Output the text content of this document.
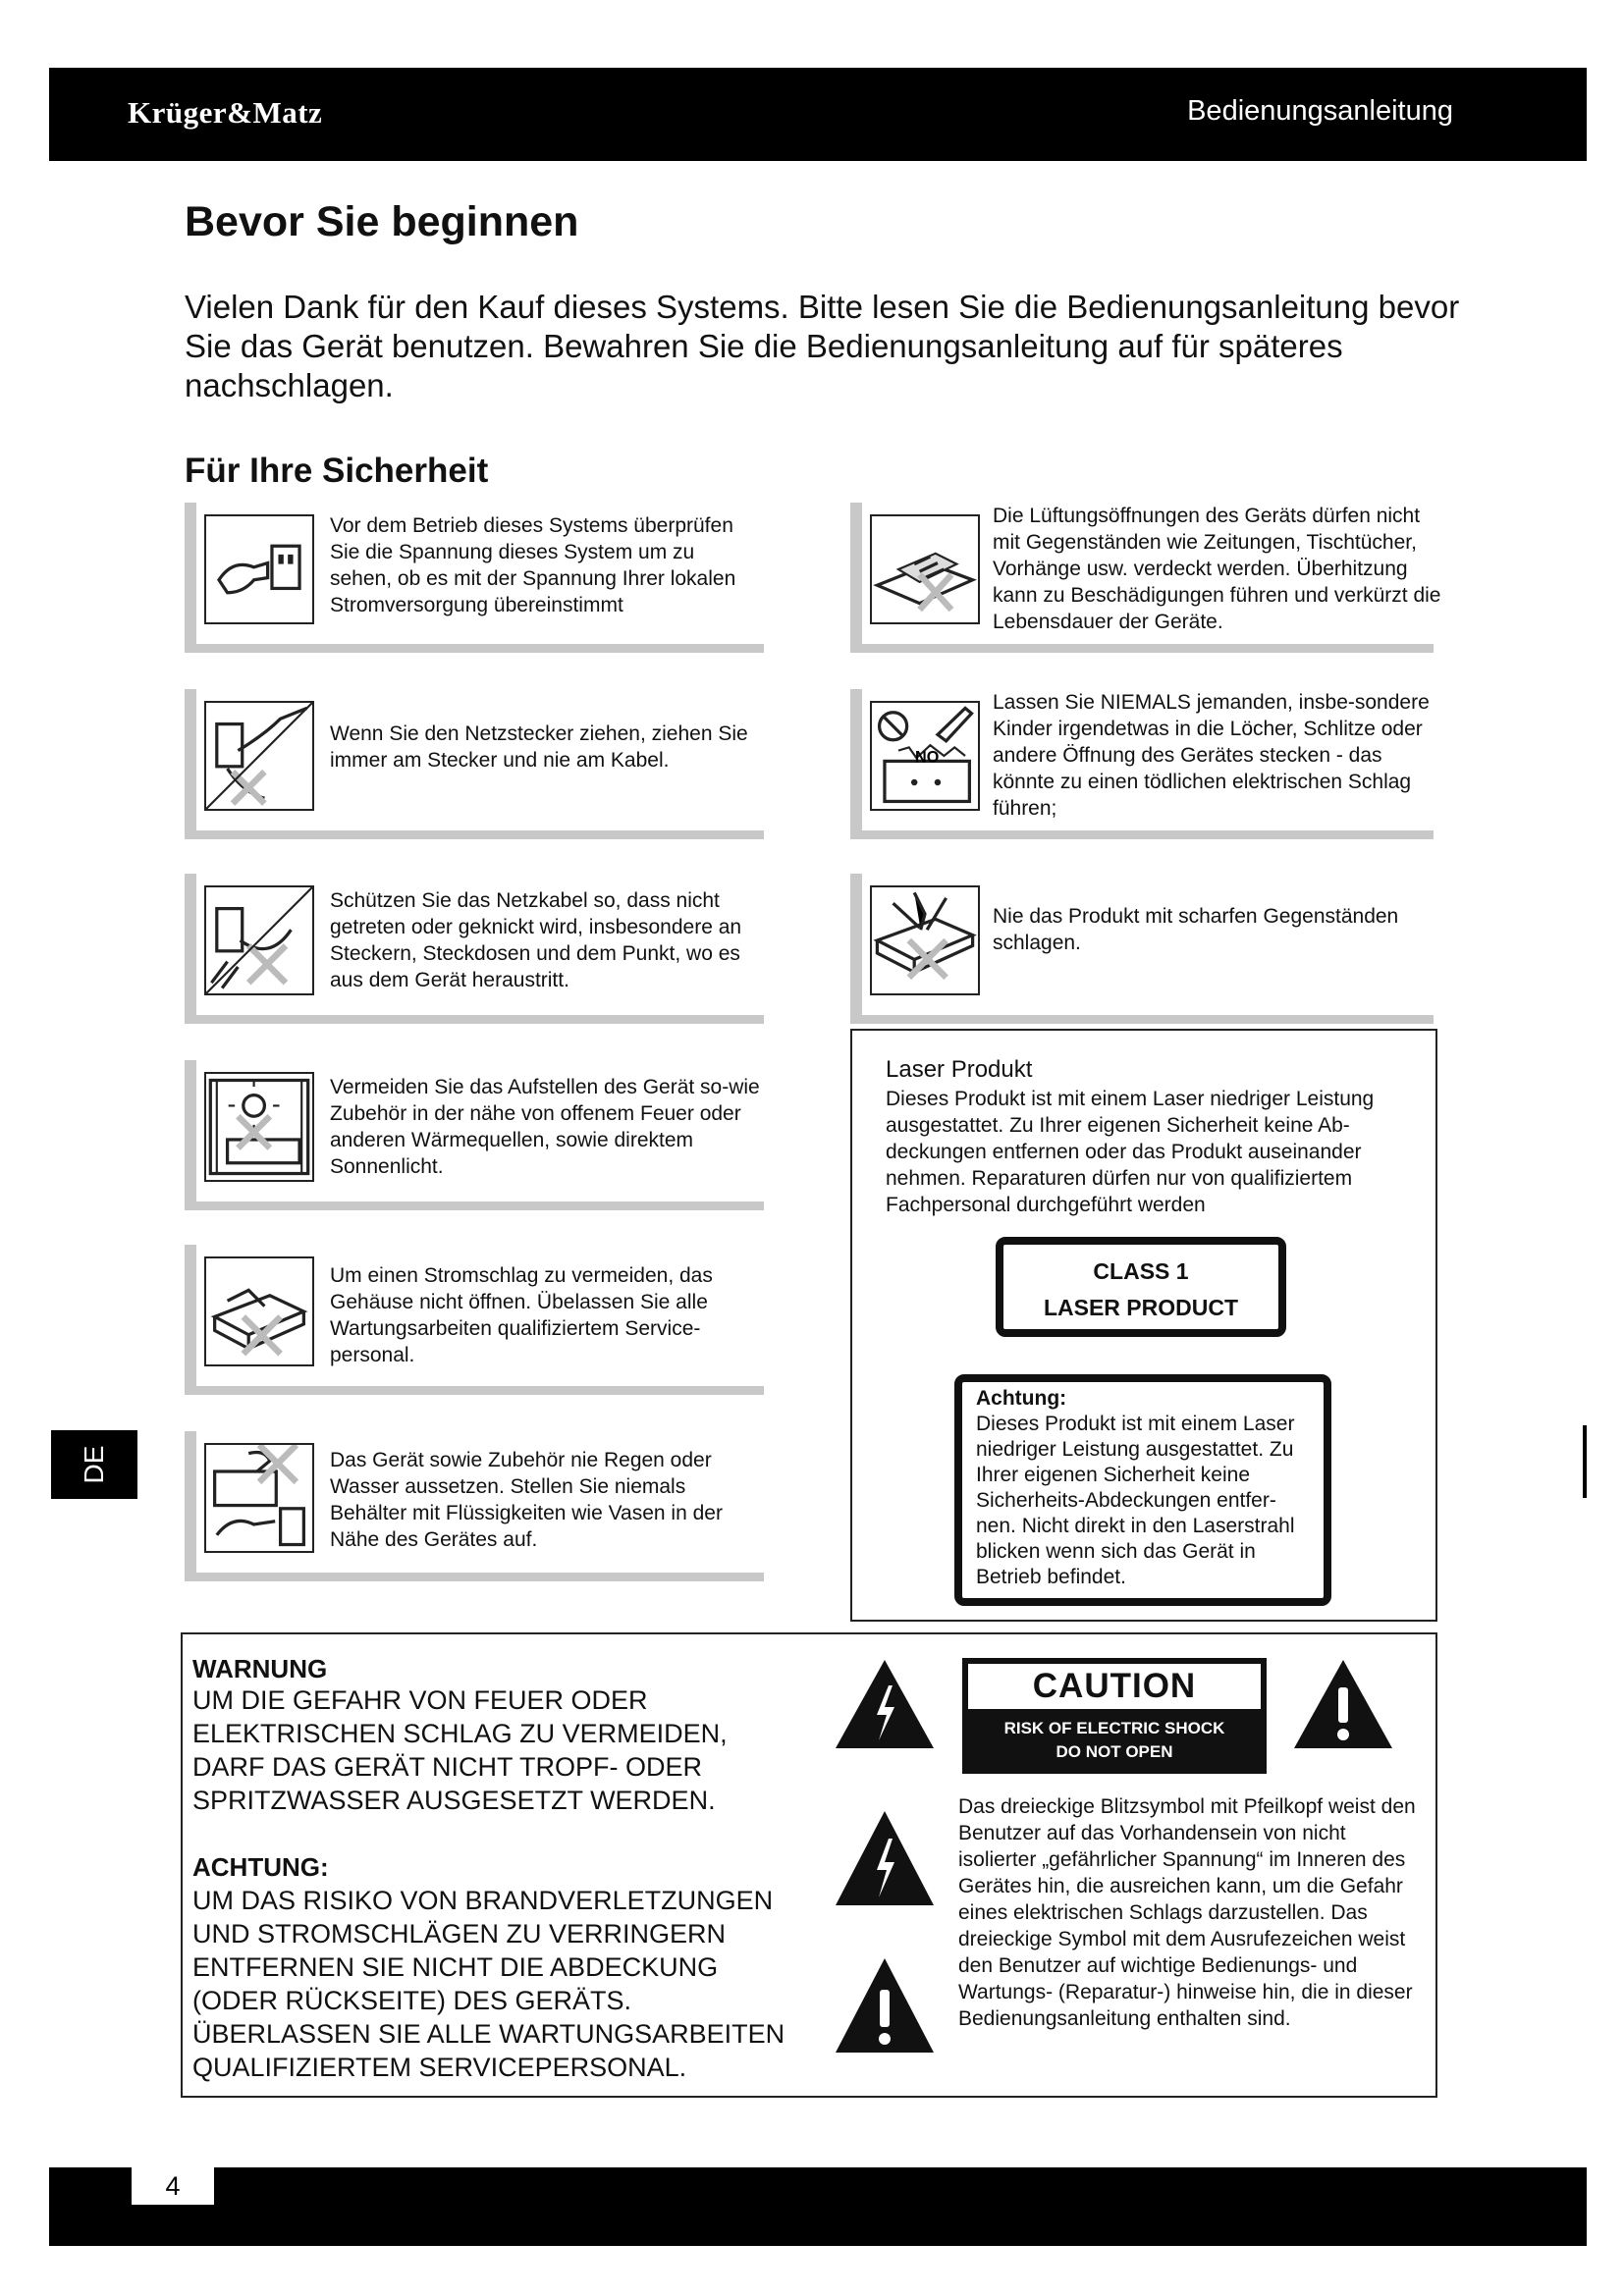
Krüger&Matz	Bedienungsanleitung
Bevor Sie beginnen
Vielen Dank für den Kauf dieses Systems. Bitte lesen Sie die Bedienungsanleitung bevor Sie das Gerät benutzen. Bewahren Sie die Bedienungsanleitung auf für späteres nachschlagen.
Für Ihre Sicherheit
Vor dem Betrieb dieses Systems überprüfen Sie die Spannung dieses System um zu sehen, ob es mit der Spannung Ihrer lokalen Stromversorgung übereinstimmt
Wenn Sie den Netzstecker ziehen, ziehen Sie immer am Stecker und nie am Kabel.
Schützen Sie das Netzkabel so, dass nicht getreten oder geknickt wird, insbesondere an Steckern, Steckdosen und dem Punkt, wo es aus dem Gerät heraustritt.
Vermeiden Sie das Aufstellen des Gerät so-wie Zubehör in der nähe von offenem Feuer oder anderen Wärmequellen, sowie direktem Sonnenlicht.
Um einen Stromschlag zu vermeiden, das Gehäuse nicht öffnen. Übelassen Sie alle Wartungsarbeiten qualifiziertem Service-personal.
Das Gerät sowie Zubehör nie Regen oder Wasser aussetzen. Stellen Sie niemals Behälter mit Flüssigkeiten wie Vasen in der Nähe des Gerätes auf.
Die Lüftungsöffnungen des Geräts dürfen nicht mit Gegenständen wie Zeitungen, Tischtücher, Vorhänge usw. verdeckt werden. Überhitzung kann zu Beschädigungen führen und verkürzt die Lebensdauer der Geräte.
NO
Lassen Sie NIEMALS jemanden, insbe-sondere Kinder irgendetwas in die Löcher, Schlitze oder andere Öffnung des Gerätes stecken - das könnte zu einen tödlichen elektrischen Schlag führen;
Nie das Produkt mit scharfen Gegenständen schlagen.
Laser Produkt
Dieses Produkt ist mit einem Laser niedriger Leistung ausgestattet. Zu Ihrer eigenen Sicherheit keine Ab-deckungen entfernen oder das Produkt auseinander nehmen. Reparaturen dürfen nur von qualifiziertem Fachpersonal durchgeführt werden
CLASS 1
LASER PRODUCT
Achtung:
Dieses Produkt ist mit einem Laser niedriger Leistung ausgestattet. Zu Ihrer eigenen Sicherheit keine Sicherheits-Abdeckungen entfer-nen. Nicht direkt in den Laserstrahl blicken wenn sich das Gerät in Betrieb befindet.
WARNUNG
UM DIE GEFAHR VON FEUER ODER ELEKTRISCHEN SCHLAG ZU VERMEIDEN, DARF DAS GERÄT NICHT TROPF- ODER SPRITZWASSER AUSGESETZT WERDEN.
ACHTUNG:
UM DAS RISIKO VON BRANDVERLETZUNGEN UND STROMSCHLÄGEN ZU VERRINGERN ENTFERNEN SIE NICHT DIE ABDECKUNG (ODER RÜCKSEITE) DES GERÄTS. ÜBERLASSEN SIE ALLE WARTUNGSARBEITEN QUALIFIZIERTEM SERVICEPERSONAL.
CAUTION
RISK OF ELECTRIC SHOCK
DO NOT OPEN
Das dreieckige Blitzsymbol mit Pfeilkopf weist den Benutzer auf das Vorhandensein von nicht isolierter „gefährlicher Spannung“ im Inneren des Gerätes hin, die ausreichen kann, um die Gefahr eines elektrischen Schlags darzustellen. Das dreieckige Symbol mit dem Ausrufezeichen weist den Benutzer auf wichtige Bedienungs- und Wartungs- (Reparatur-) hinweise hin, die in dieser Bedienungsanleitung enthalten sind.
DE
4
